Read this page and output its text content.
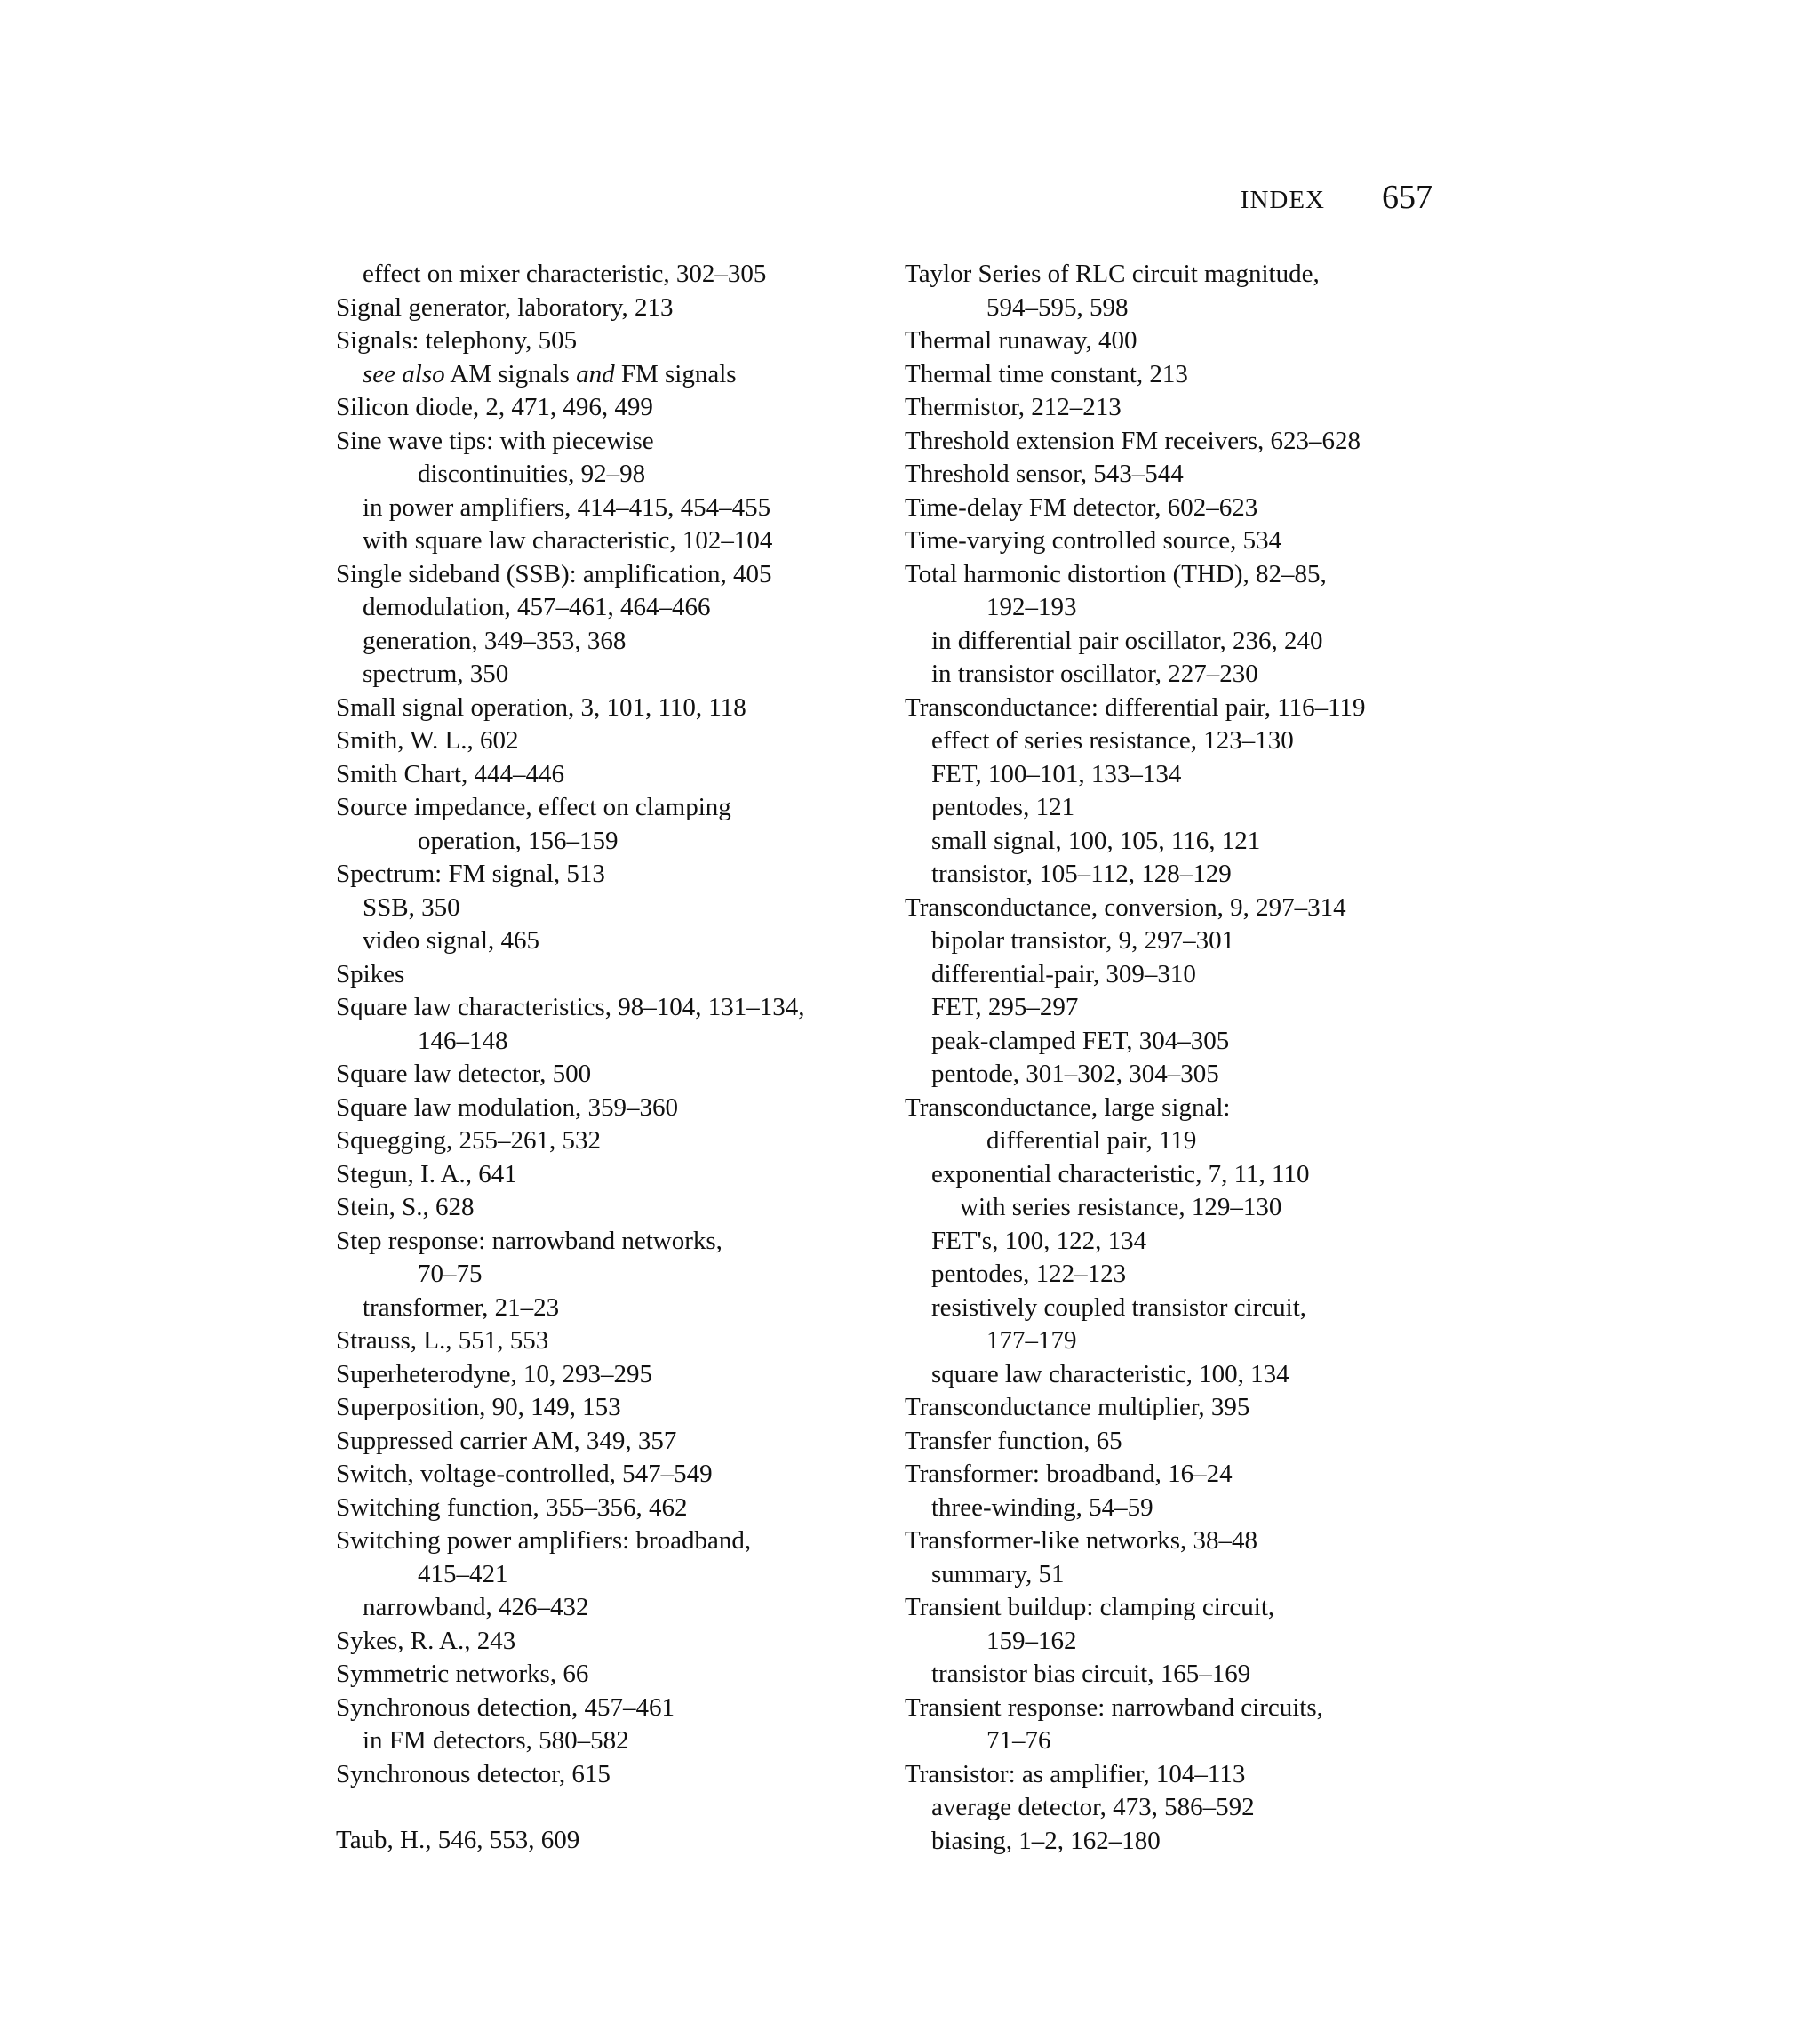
INDEX 657
effect on mixer characteristic, 302–305
Signal generator, laboratory, 213
Signals: telephony, 505
see also AM signals and FM signals
Silicon diode, 2, 471, 496, 499
Sine wave tips: with piecewise
discontinuities, 92–98
in power amplifiers, 414–415, 454–455
with square law characteristic, 102–104
Single sideband (SSB): amplification, 405
demodulation, 457–461, 464–466
generation, 349–353, 368
spectrum, 350
Small signal operation, 3, 101, 110, 118
Smith, W. L., 602
Smith Chart, 444–446
Source impedance, effect on clamping
operation, 156–159
Spectrum: FM signal, 513
SSB, 350
video signal, 465
Spikes
Square law characteristics, 98–104, 131–134,
146–148
Square law detector, 500
Square law modulation, 359–360
Squegging, 255–261, 532
Stegun, I. A., 641
Stein, S., 628
Step response: narrowband networks,
70–75
transformer, 21–23
Strauss, L., 551, 553
Superheterodyne, 10, 293–295
Superposition, 90, 149, 153
Suppressed carrier AM, 349, 357
Switch, voltage-controlled, 547–549
Switching function, 355–356, 462
Switching power amplifiers: broadband,
415–421
narrowband, 426–432
Sykes, R. A., 243
Symmetric networks, 66
Synchronous detection, 457–461
in FM detectors, 580–582
Synchronous detector, 615
Taub, H., 546, 553, 609
Taylor Series of RLC circuit magnitude,
594–595, 598
Thermal runaway, 400
Thermal time constant, 213
Thermistor, 212–213
Threshold extension FM receivers, 623–628
Threshold sensor, 543–544
Time-delay FM detector, 602–623
Time-varying controlled source, 534
Total harmonic distortion (THD), 82–85,
192–193
in differential pair oscillator, 236, 240
in transistor oscillator, 227–230
Transconductance: differential pair, 116–119
effect of series resistance, 123–130
FET, 100–101, 133–134
pentodes, 121
small signal, 100, 105, 116, 121
transistor, 105–112, 128–129
Transconductance, conversion, 9, 297–314
bipolar transistor, 9, 297–301
differential-pair, 309–310
FET, 295–297
peak-clamped FET, 304–305
pentode, 301–302, 304–305
Transconductance, large signal:
differential pair, 119
exponential characteristic, 7, 11, 110
with series resistance, 129–130
FET's, 100, 122, 134
pentodes, 122–123
resistively coupled transistor circuit,
177–179
square law characteristic, 100, 134
Transconductance multiplier, 395
Transfer function, 65
Transformer: broadband, 16–24
three-winding, 54–59
Transformer-like networks, 38–48
summary, 51
Transient buildup: clamping circuit,
159–162
transistor bias circuit, 165–169
Transient response: narrowband circuits,
71–76
Transistor: as amplifier, 104–113
average detector, 473, 586–592
biasing, 1–2, 162–180
